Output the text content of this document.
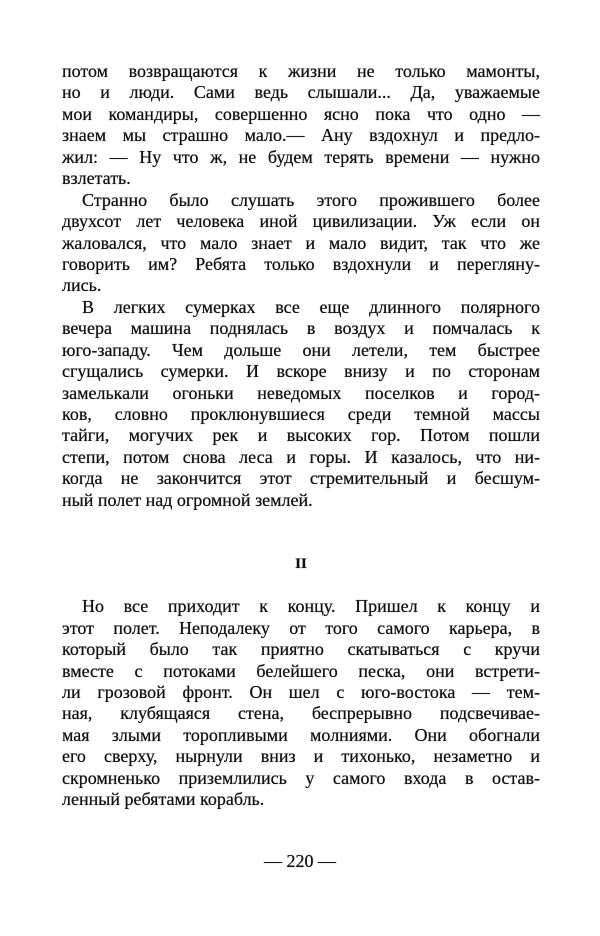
потом возвращаются к жизни не только мамонты,
но и люди. Сами ведь слышали... Да, уважаемые
мои командиры, совершенно ясно пока что одно —
знаем мы страшно мало.— Ану вздохнул и предло-
жил: — Ну что ж, не будем терять времени — нужно
взлетать.
Странно было слушать этого прожившего более
двухсот лет человека иной цивилизации. Уж если он
жаловался, что мало знает и мало видит, так что же
говорить им? Ребята только вздохнули и перегляну-
лись.
В легких сумерках все еще длинного полярного
вечера машина поднялась в воздух и помчалась к
юго-западу. Чем дольше они летели, тем быстрее
сгущались сумерки. И вскоре внизу и по сторонам
замелькали огоньки неведомых поселков и город-
ков, словно проклюнувшиеся среди темной массы
тайги, могучих рек и высоких гор. Потом пошли
степи, потом снова леса и горы. И казалось, что ни-
когда не закончится этот стремительный и бесшум-
ный полет над огромной землей.
II
Но все приходит к концу. Пришел к концу и
этот полет. Неподалеку от того самого карьера, в
который было так приятно скатываться с кручи
вместе с потоками белейшего песка, они встрети-
ли грозовой фронт. Он шел с юго-востока — тем-
ная, клубящаяся стена, беспрерывно подсвечивае-
мая злыми торопливыми молниями. Они обогнали
его сверху, нырнули вниз и тихонько, незаметно и
скромненько приземлились у самого входа в остав-
ленный ребятами корабль.
— 220 —
